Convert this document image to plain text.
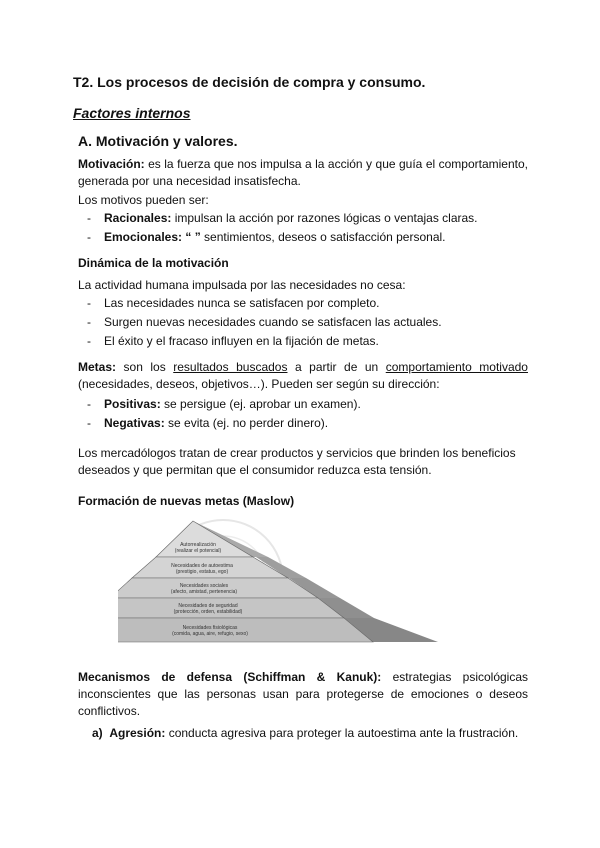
T2. Los procesos de decisión de compra y consumo.
Factores internos
A. Motivación y valores.
Motivación: es la fuerza que nos impulsa a la acción y que guía el comportamiento, generada por una necesidad insatisfecha.
Los motivos pueden ser:
- Racionales: impulsan la acción por razones lógicas o ventajas claras.
- Emocionales: “ ” sentimientos, deseos o satisfacción personal.
Dinámica de la motivación
La actividad humana impulsada por las necesidades no cesa:
- Las necesidades nunca se satisfacen por completo.
- Surgen nuevas necesidades cuando se satisfacen las actuales.
- El éxito y el fracaso influyen en la fijación de metas.
Metas: son los resultados buscados a partir de un comportamiento motivado (necesidades, deseos, objetivos…). Pueden ser según su dirección:
- Positivas: se persigue (ej. aprobar un examen).
- Negativas: se evita (ej. no perder dinero).
Los mercadólogos tratan de crear productos y servicios que brinden los beneficios deseados y que permitan que el consumidor reduzca esta tensión.
Formación de nuevas metas (Maslow)
Autorrealización (realizar el potencial)
Necesidades de autoestima (prestigio, estatus, ego)
Necesidades sociales (afecto, amistad, pertenencia)
Necesidades de seguridad (protección, orden, estabilidad)
Necesidades fisiológicas (comida, agua, aire, refugio, sexo)
Mecanismos de defensa (Schiffman & Kanuk): estrategias psicológicas inconscientes que las personas usan para protegerse de emociones o deseos conflictivos.
a) Agresión: conducta agresiva para proteger la autoestima ante la frustración.
